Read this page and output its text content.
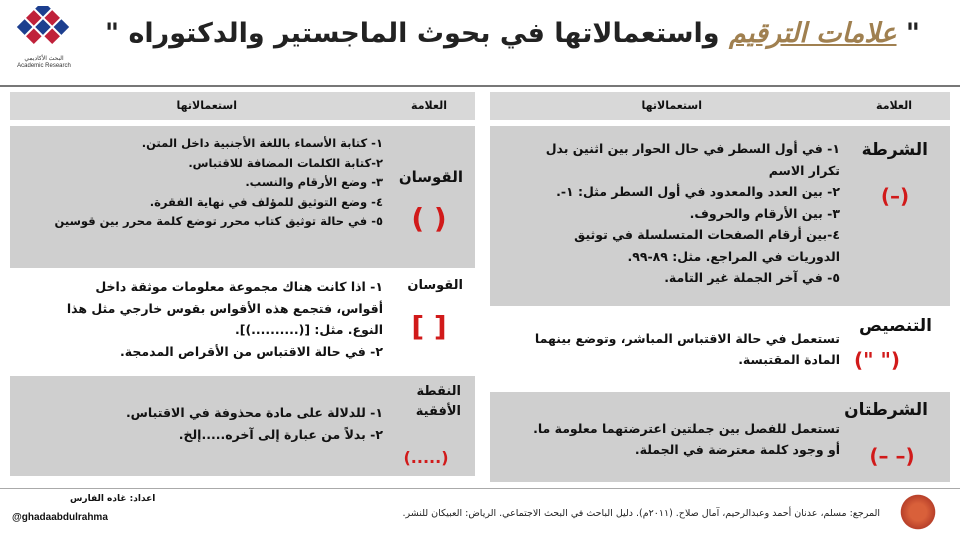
البحث الأكاديمي
Academic Research
" علامات الترقيم واستعمالاتها في بحوث الماجستير والدكتوراه "
العلامة
استعمالاتها
العلامة
استعمالاتها
الشرطة
(–)
١- في أول السطر في حال الحوار بين اثنين بدل
تكرار الاسم
٢- بين العدد والمعدود في أول السطر مثل: ١-.
٣- بين الأرقام والحروف.
٤-بين أرقام الصفحات المتسلسلة في توثيق
الدوريات في المراجع. مثل: ٨٩-٩٩.
٥- في آخر الجملة غير التامة.
التنصيص
(" ")
تستعمل في حالة الاقتباس المباشر، وتوضع بينهما
المادة المقتبسة.
الشرطتان
(– –)
تستعمل للفصل بين جملتين اعترضتهما معلومة ما.
أو وجود كلمة معترضة في الجملة.
القوسان
( )
١- كتابة الأسماء باللغة الأجنبية داخل المتن.
٢-كتابة الكلمات المضافة للاقتباس.
٣- وضع الأرقام والنسب.
٤- وضع التوثيق للمؤلف في نهاية الفقرة.
٥- في حالة توثيق كتاب محرر توضع كلمة محرر بين قوسين
القوسان
[ ]
١- اذا كانت هناك مجموعة معلومات موثقة داخل
أقواس، فتجمع هذه الأقواس بقوس خارجي مثل هذا
النوع. مثل: [(..........)].
٢- في حالة الاقتباس من الأقراص المدمجة.
النقطة الأفقية
(.....)
١- للدلالة على مادة محذوفة في الاقتباس.
٢- بدلاً من عبارة إلى آخره.....إلخ.
المرجع: مسلم، عدنان أحمد وعبدالرحيم، آمال صلاح. (٢٠١١م). دليل الباحث في البحث الاجتماعي. الرياض: العبيكان للنشر.
اعداد: غاده الفارس
@ghadaabdulrahma
